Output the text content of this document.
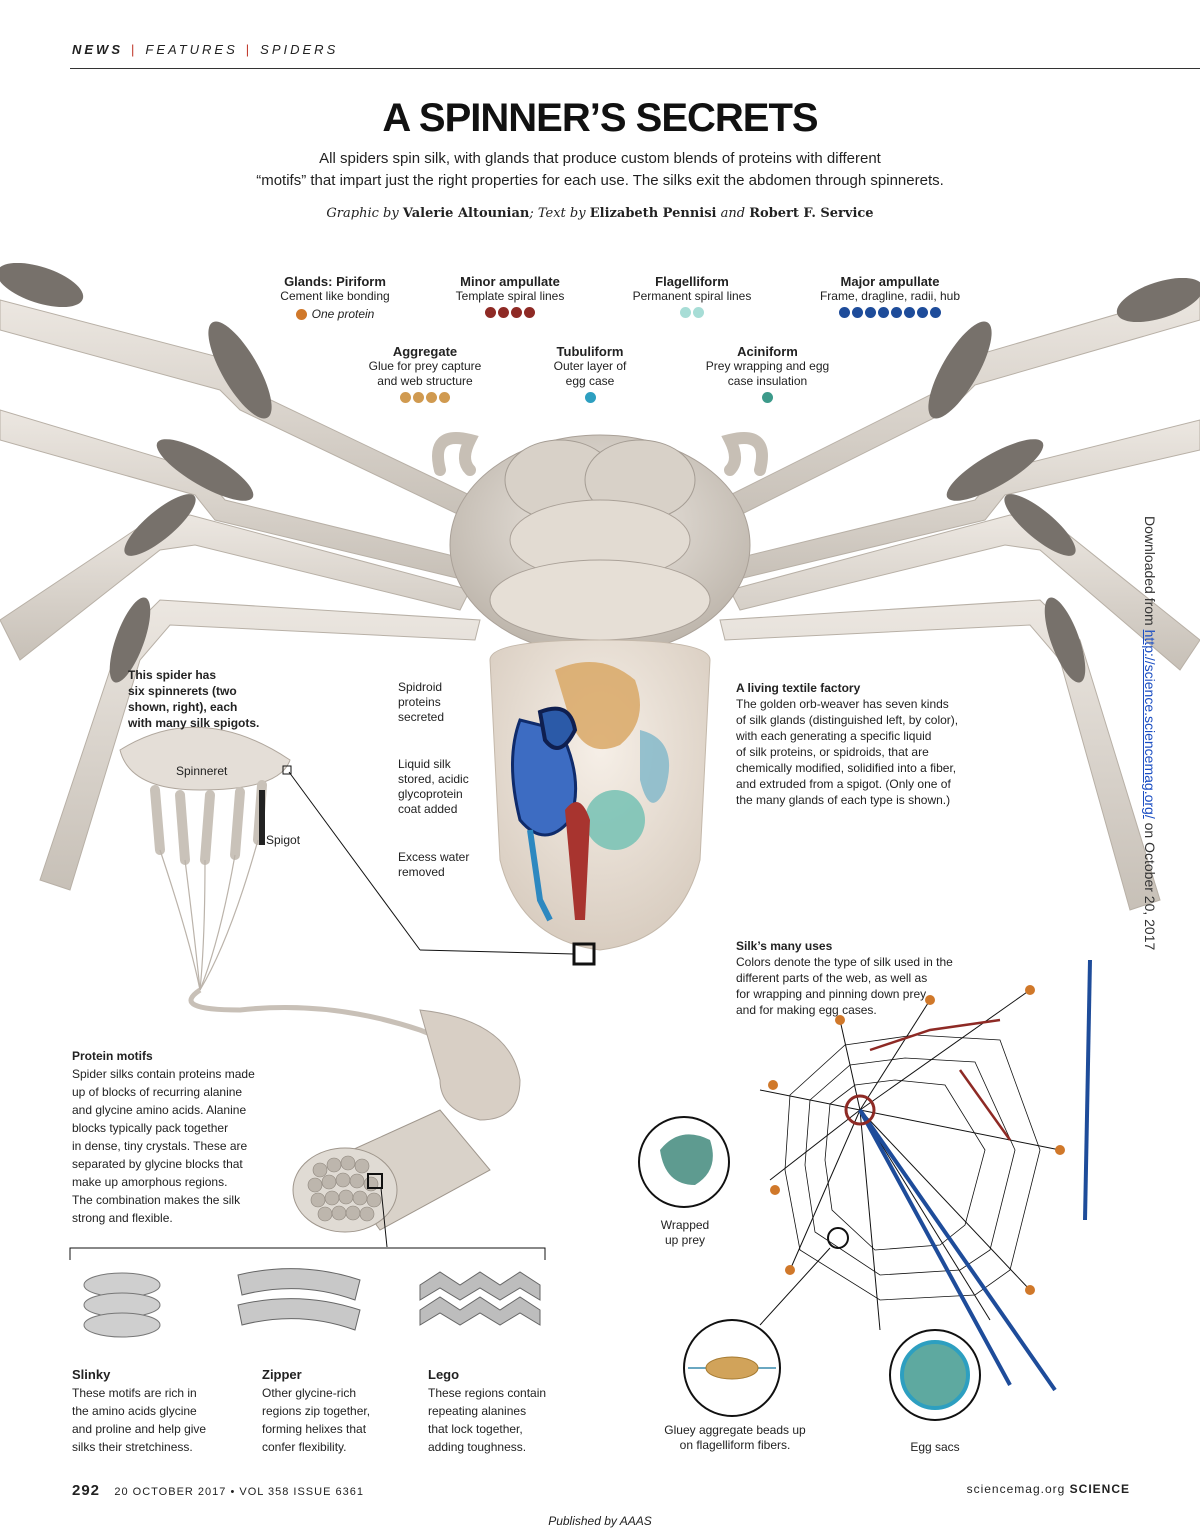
NEWS | FEATURES | SPIDERS
A SPINNER’S SECRETS
All spiders spin silk, with glands that produce custom blends of proteins with different
“motifs” that impart just the right properties for each use. The silks exit the abdomen through spinnerets.
Graphic by Valerie Altounian; Text by Elizabeth Pennisi and Robert F. Service
Glands: Piriform
Cement like bonding
One protein
Minor ampullate
Template spiral lines
Flagelliform
Permanent spiral lines
Major ampullate
Frame, dragline, radii, hub
Aggregate
Glue for prey capture
and web structure
Tubuliform
Outer layer of
egg case
Aciniform
Prey wrapping and egg
case insulation
This spider has
six spinnerets (two
shown, right), each
with many silk spigots.
Spinneret
Spigot
Spidroid
proteins
secreted
Liquid silk
stored, acidic
glycoprotein
coat added
Excess water
removed
A living textile factory
The golden orb-weaver has seven kinds
of silk glands (distinguished left, by color),
with each generating a specific liquid
of silk proteins, or spidroids, that are
chemically modified, solidified into a fiber,
and extruded from a spigot. (Only one of
the many glands of each type is shown.)
Silk’s many uses
Colors denote the type of silk used in the
different parts of the web, as well as
for wrapping and pinning down prey
and for making egg cases.
Protein motifs
Spider silks contain proteins made
up of blocks of recurring alanine
and glycine amino acids. Alanine
blocks typically pack together
in dense, tiny crystals. These are
separated by glycine blocks that
make up amorphous regions.
The combination makes the silk
strong and flexible.	Wrapped
up prey
Gluey aggregate beads up
on flagelliform fibers.	Egg sacs
Slinky
These motifs are rich in
the amino acids glycine
and proline and help give
silks their stretchiness.
Zipper
Other glycine-rich
regions zip together,
forming helixes that
confer flexibility.
Lego
These regions contain
repeating alanines
that lock together,
adding toughness.
292 20 OCTOBER 2017 • VOL 358 ISSUE 6361	sciencemag.org SCIENCE
Published by AAAS
Downloaded from http://science.sciencemag.org/ on October 20, 2017
